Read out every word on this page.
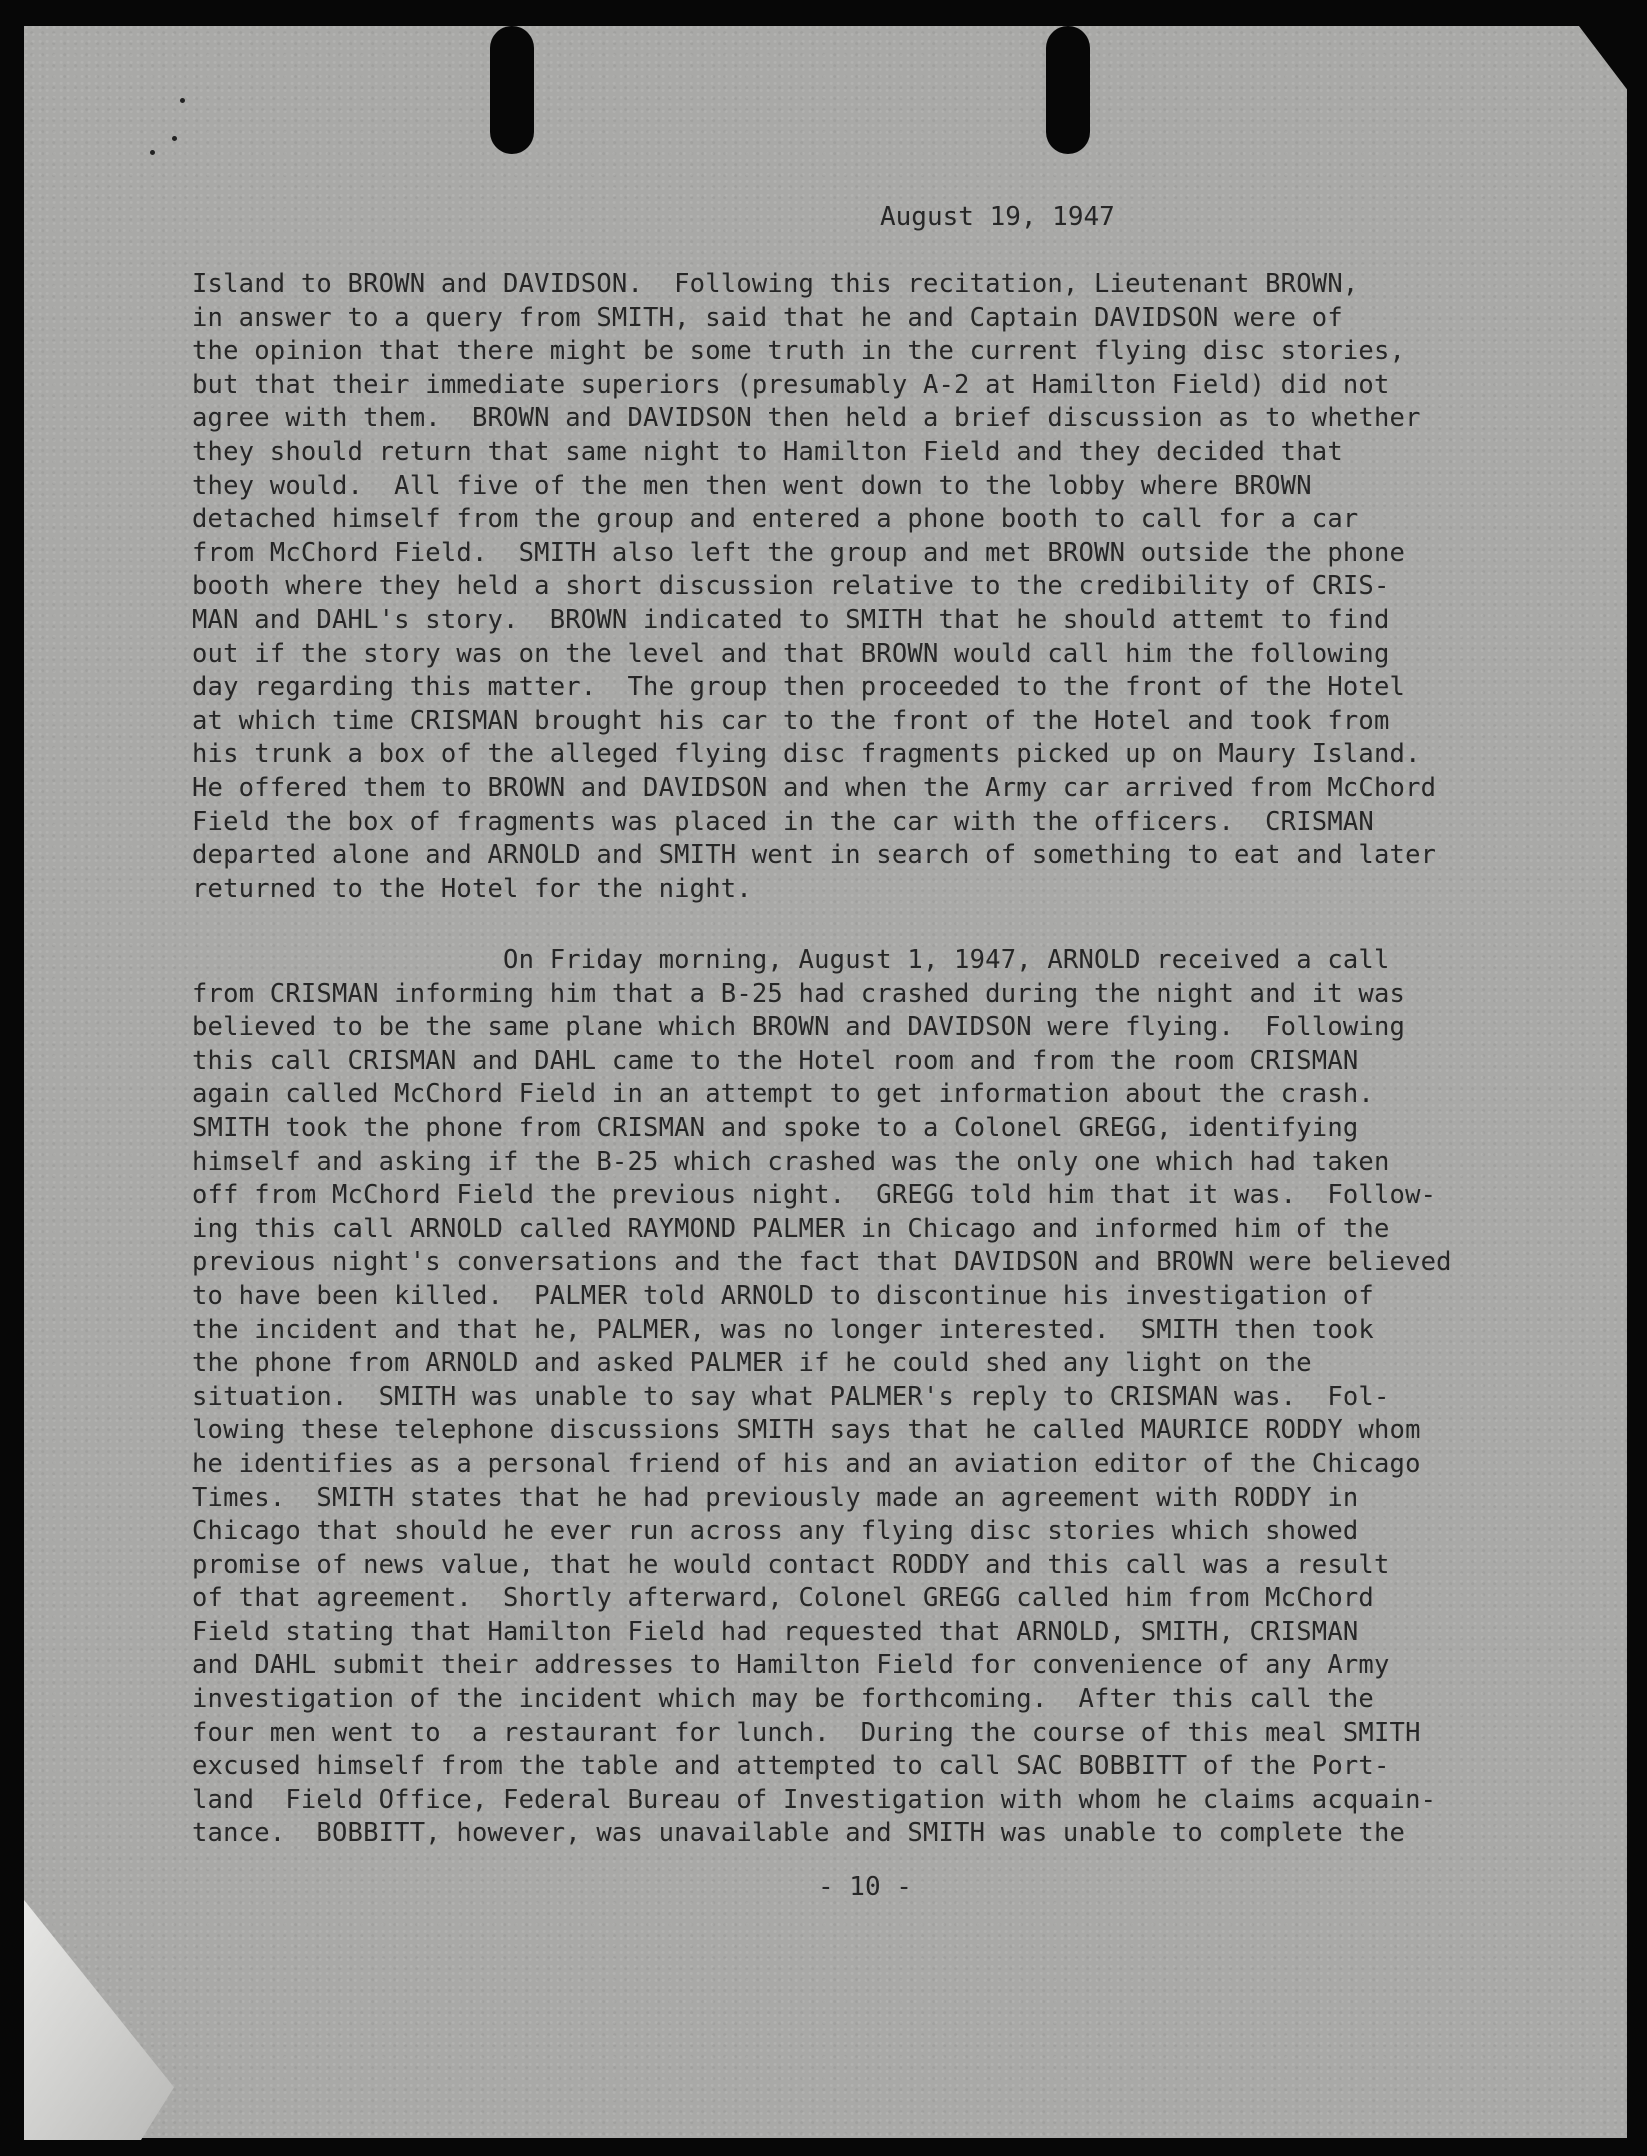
August 19, 1947
Island to BROWN and DAVIDSON.  Following this recitation, Lieutenant BROWN,
in answer to a query from SMITH, said that he and Captain DAVIDSON were of
the opinion that there might be some truth in the current flying disc stories,
but that their immediate superiors (presumably A-2 at Hamilton Field) did not
agree with them.  BROWN and DAVIDSON then held a brief discussion as to whether
they should return that same night to Hamilton Field and they decided that
they would.  All five of the men then went down to the lobby where BROWN
detached himself from the group and entered a phone booth to call for a car
from McChord Field.  SMITH also left the group and met BROWN outside the phone
booth where they held a short discussion relative to the credibility of CRIS-
MAN and DAHL's story.  BROWN indicated to SMITH that he should attemt to find
out if the story was on the level and that BROWN would call him the following
day regarding this matter.  The group then proceeded to the front of the Hotel
at which time CRISMAN brought his car to the front of the Hotel and took from
his trunk a box of the alleged flying disc fragments picked up on Maury Island.
He offered them to BROWN and DAVIDSON and when the Army car arrived from McChord
Field the box of fragments was placed in the car with the officers.  CRISMAN
departed alone and ARNOLD and SMITH went in search of something to eat and later
returned to the Hotel for the night.
On Friday morning, August 1, 1947, ARNOLD received a call
from CRISMAN informing him that a B-25 had crashed during the night and it was
believed to be the same plane which BROWN and DAVIDSON were flying.  Following
this call CRISMAN and DAHL came to the Hotel room and from the room CRISMAN
again called McChord Field in an attempt to get information about the crash.
SMITH took the phone from CRISMAN and spoke to a Colonel GREGG, identifying
himself and asking if the B-25 which crashed was the only one which had taken
off from McChord Field the previous night.  GREGG told him that it was.  Follow-
ing this call ARNOLD called RAYMOND PALMER in Chicago and informed him of the
previous night's conversations and the fact that DAVIDSON and BROWN were believed
to have been killed.  PALMER told ARNOLD to discontinue his investigation of
the incident and that he, PALMER, was no longer interested.  SMITH then took
the phone from ARNOLD and asked PALMER if he could shed any light on the
situation.  SMITH was unable to say what PALMER's reply to CRISMAN was.  Fol-
lowing these telephone discussions SMITH says that he called MAURICE RODDY whom
he identifies as a personal friend of his and an aviation editor of the Chicago
Times.  SMITH states that he had previously made an agreement with RODDY in
Chicago that should he ever run across any flying disc stories which showed
promise of news value, that he would contact RODDY and this call was a result
of that agreement.  Shortly afterward, Colonel GREGG called him from McChord
Field stating that Hamilton Field had requested that ARNOLD, SMITH, CRISMAN
and DAHL submit their addresses to Hamilton Field for convenience of any Army
investigation of the incident which may be forthcoming.  After this call the
four men went to  a restaurant for lunch.  During the course of this meal SMITH
excused himself from the table and attempted to call SAC BOBBITT of the Port-
land  Field Office, Federal Bureau of Investigation with whom he claims acquain-
tance.  BOBBITT, however, was unavailable and SMITH was unable to complete the
- 10 -
